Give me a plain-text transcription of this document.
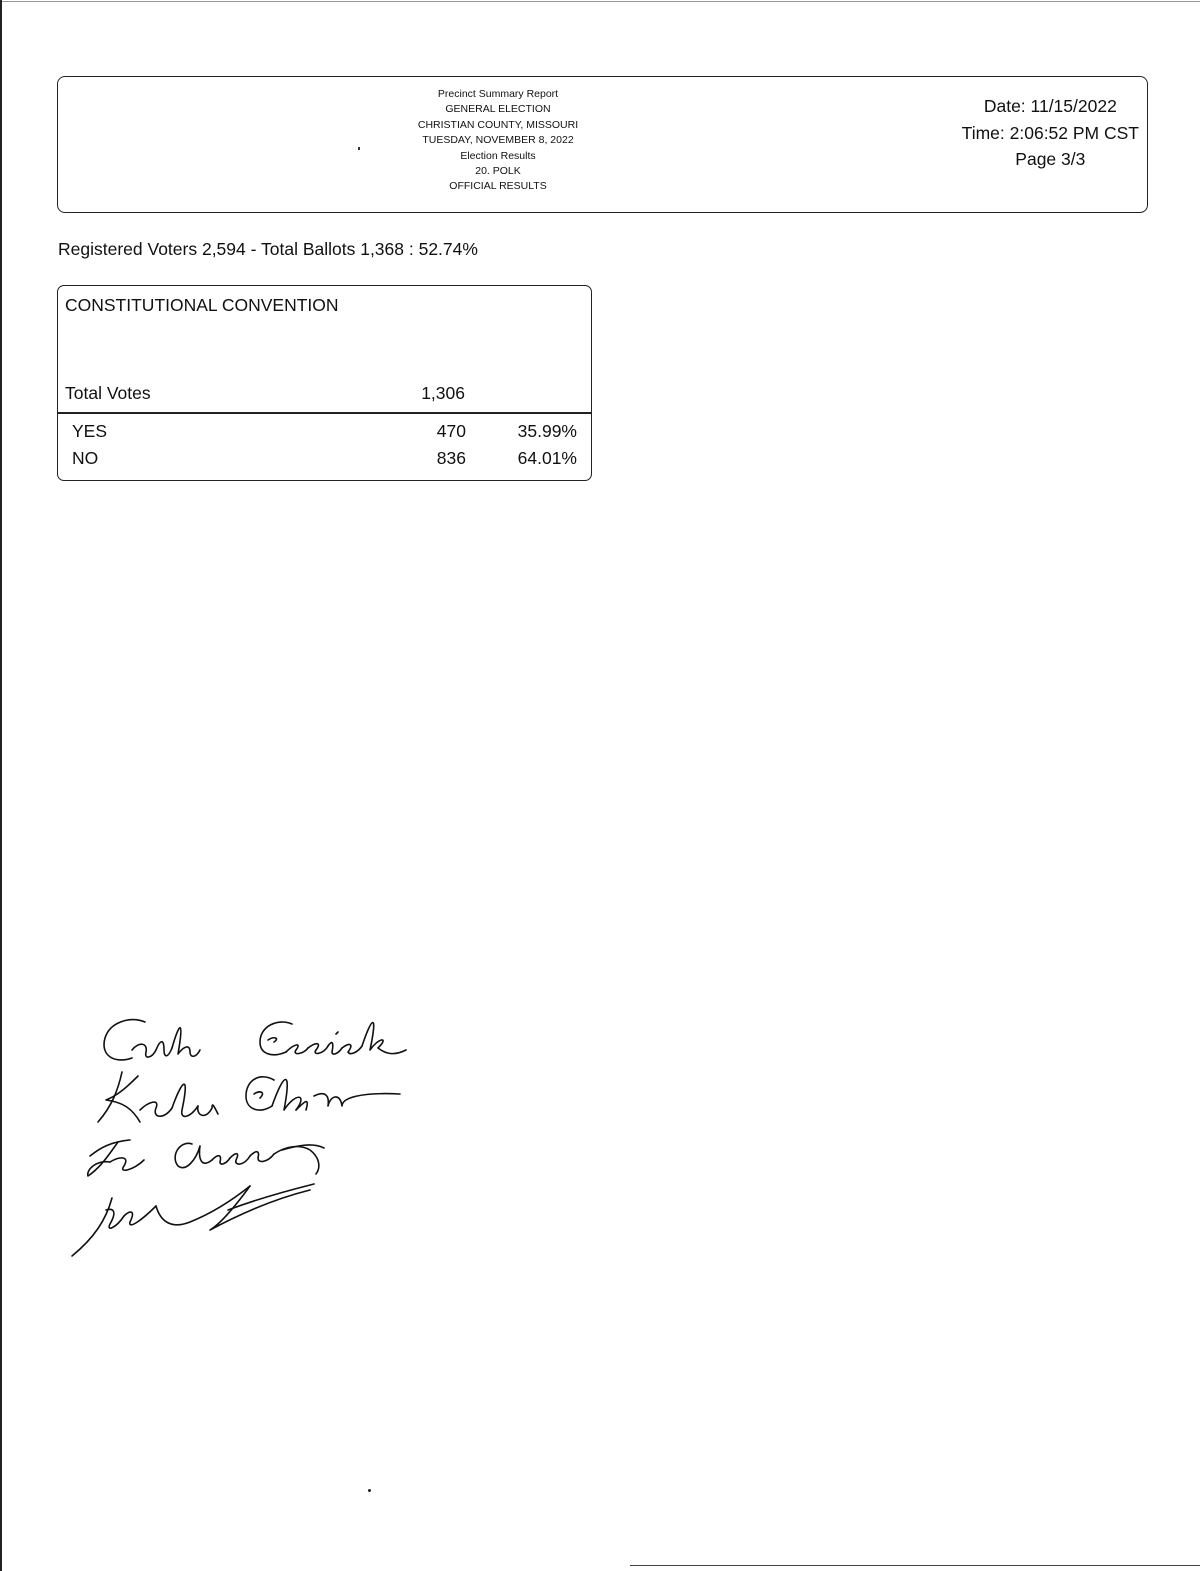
Precinct Summary Report
GENERAL ELECTION
CHRISTIAN COUNTY, MISSOURI
TUESDAY, NOVEMBER 8, 2022
Election Results
20. POLK
OFFICIAL RESULTS
Date: 11/15/2022
Time: 2:06:52 PM CST
Page 3/3
Registered Voters 2,594 - Total Ballots 1,368 : 52.74%
CONSTITUTIONAL CONVENTION
Total Votes	1,306
YES	470	35.99%
NO	836	64.01%
